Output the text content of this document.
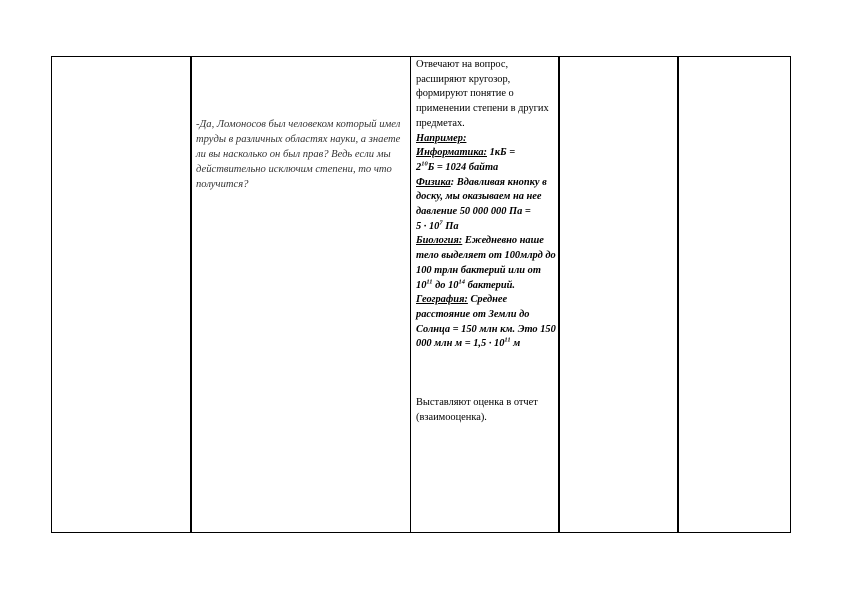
-Да, Ломоносов был человеком который имел труды в различных областях науки, а знаете ли вы насколько он был прав? Ведь если мы действительно исключим степени, то что получится?

Отвечают на вопрос, расширяют кругозор, формируют понятие о применении степени в других предметах.

Например:

Информатика: 1кБ =
$2^{10}Б = 1024$ байта

Физика: Вдавливая кнопку в доску, мы оказываем на нее давление 50 000 000 Па =
$5 \cdot 10^7$ Па

Биология: Ежедневно наше тело выделяет от 100млрд до 100 трлн бактерий или от $10^{11}$ до $10^{14}$ бактерий.

География: Среднее расстояние от Земли до Солнца = 150 млн км. Это 150 000 млн $м = 1,5 \cdot 10^{11}$ м

Выставляют оценка в отчет (взаимооценка).
